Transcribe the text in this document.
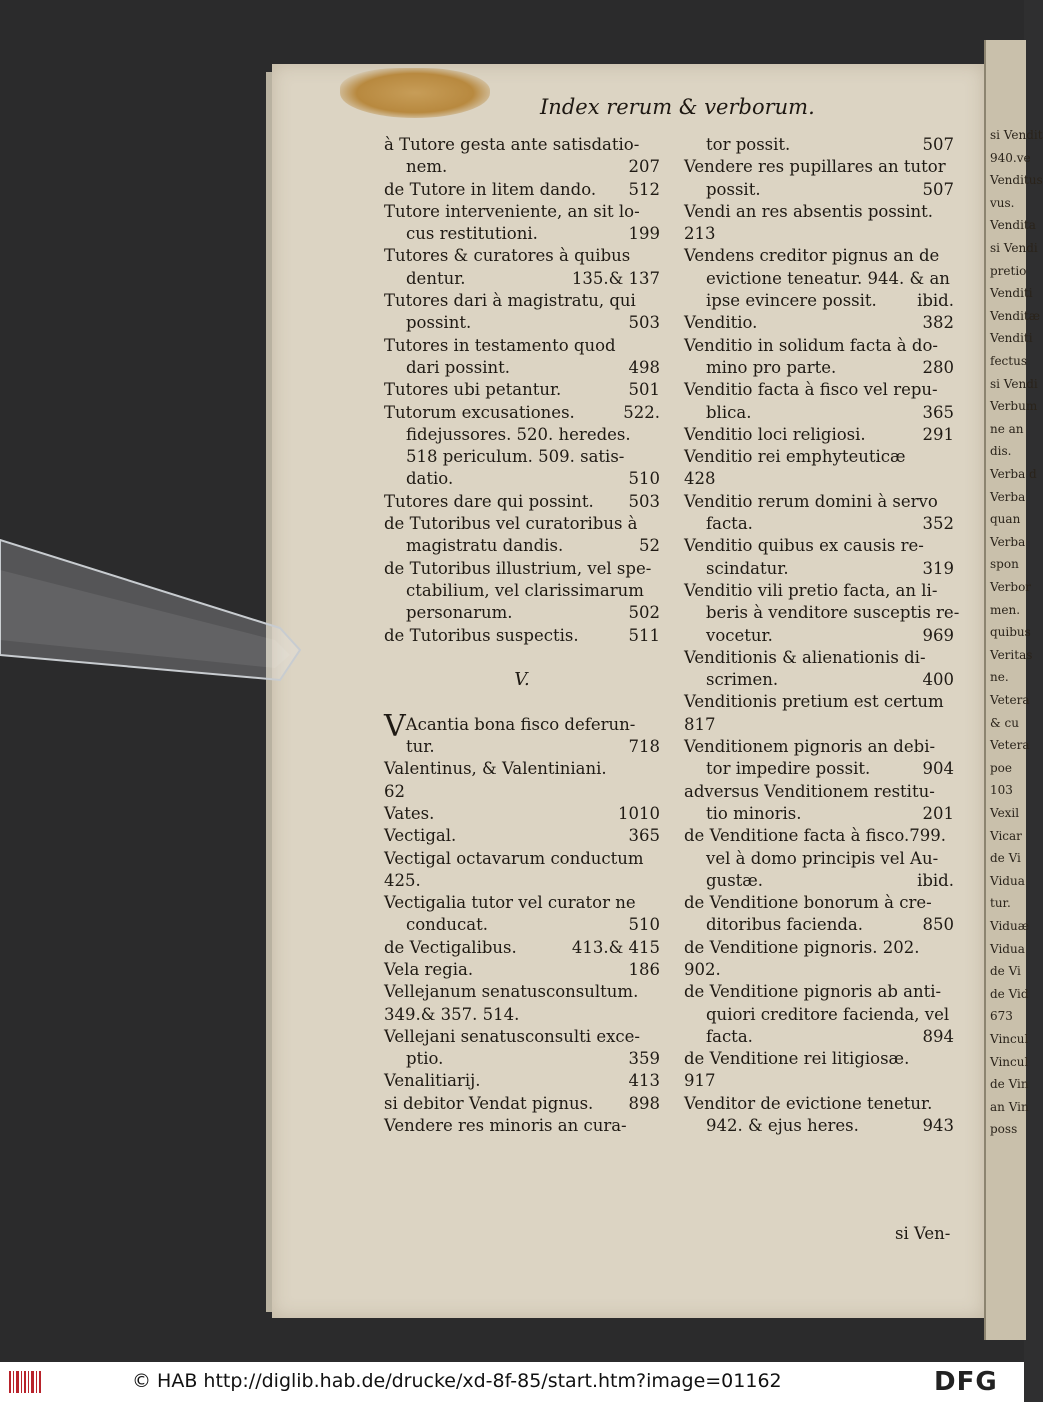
si Vendit
940.ve
Venditus
vus.
Vendita
si Vendi
pretio
Venditi
Venditæ
Venditi
fectus
si Vendi
Verbum
ne an
dis.
Verba d
Verba
quan
Verba
spon
Verbor
men.
quibus
Veritas
ne.
Vetera
& cu
Vetera
poe
103
Vexil
Vicar
de Vi
Vidua
tur.
Viduæ
Vidua
de Vi
de Vid
673
Vincul
Vincul
de Vin
an Vin
poss
Index rerum & verborum.
à Tutore gesta ante satisdatio-
nem.	207
de Tutore in litem dando. 512
Tutore interveniente, an sit lo-
cus restitutioni.	199
Tutores & curatores à quibus
dentur.	135.& 137
Tutores dari à magistratu, qui
possint.	503
Tutores in testamento quod
dari possint.	498
Tutores ubi petantur.	501
Tutorum excusationes.	522.
fidejussores. 520. heredes.
518 periculum. 509. satis-
datio.	510
Tutores dare qui possint. 503
de Tutoribus vel curatoribus à
magistratu dandis.	52
de Tutoribus illustrium, vel spe-
ctabilium, vel clarissimarum
personarum.	502
de Tutoribus suspectis.	511
V.
VAcantia bona fisco deferun-
tur.	718
Valentinus, & Valentiniani.
62
Vates.	1010
Vectigal.	365
Vectigal octavarum conductum
425.
Vectigalia tutor vel curator ne
conducat.	510
de Vectigalibus.	413.& 415
Vela regia.	186
Vellejanum senatusconsultum.
349.& 357. 514.
Vellejani senatusconsulti exce-
ptio.	359
Venalitiarij.	413
si debitor Vendat pignus. 898
Vendere res minoris an cura-
tor possit.	507
Vendere res pupillares an tutor
possit.	507
Vendi an res absentis possint.
213
Vendens creditor pignus an de
evictione teneatur. 944. & an
ipse evincere possit. ibid.
Venditio.	382
Venditio in solidum facta à do-
mino pro parte.	280
Venditio facta à fisco vel repu-
blica.	365
Venditio loci religiosi.	291
Venditio rei emphyteuticæ
428
Venditio rerum domini à servo
facta.	352
Venditio quibus ex causis re-
scindatur.	319
Venditio vili pretio facta, an li-
beris à venditore susceptis re-
vocetur.	969
Venditionis & alienationis di-
scrimen.	400
Venditionis pretium est certum
817
Venditionem pignoris an debi-
tor impedire possit.	904
adversus Venditionem restitu-
tio minoris.	201
de Venditione facta à fisco.799.
vel à domo principis vel Au-
gustæ.	ibid.
de Venditione bonorum à cre-
ditoribus facienda.	850
de Venditione pignoris. 202.
902.
de Venditione pignoris ab anti-
quiori creditore facienda, vel
facta.	894
de Venditione rei litigiosæ.
917
Venditor de evictione tenetur.
942. & ejus heres.	943
si Ven-
© HAB http://diglib.hab.de/drucke/xd-8f-85/start.htm?image=01162	DFG
